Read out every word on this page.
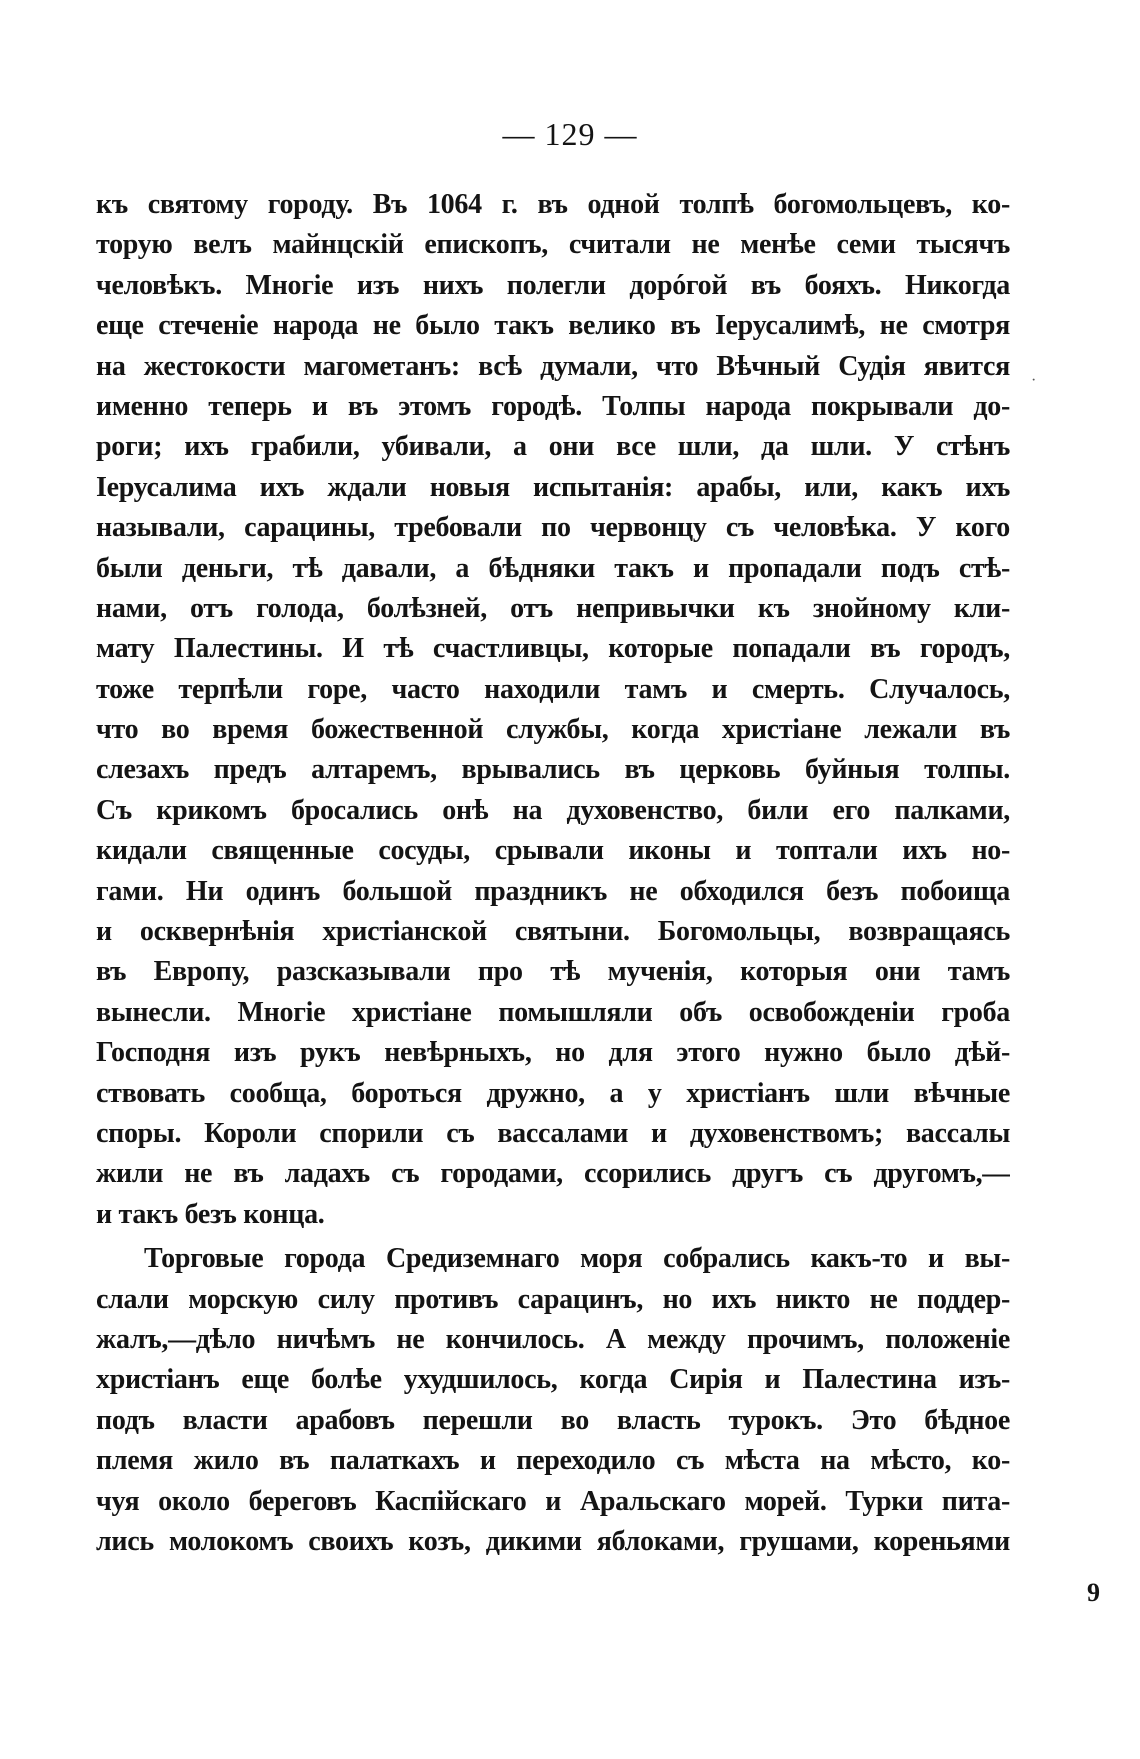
— 129 —
·
къ святому городу. Въ 1064 г. въ одной толпѣ богомольцевъ, ко-
торую велъ майнцскій епископъ, считали не менѣе семи тысячъ
человѣкъ. Многіе изъ нихъ полегли дорóгой въ бояхъ. Никогда
еще стеченіе народа не было такъ велико въ Іерусалимѣ, не смотря
на жестокости магометанъ: всѣ думали, что Вѣчный Судія явится
именно теперь и въ этомъ городѣ. Толпы народа покрывали до-
роги; ихъ грабили, убивали, а они все шли, да шли. У стѣнъ
Іерусалима ихъ ждали новыя испытанія: арабы, или, какъ ихъ
называли, сарацины, требовали по червонцу съ человѣка. У кого
были деньги, тѣ давали, а бѣдняки такъ и пропадали подъ стѣ-
нами, отъ голода, болѣзней, отъ непривычки къ знойному кли-
мату Палестины. И тѣ счастливцы, которые попадали въ городъ,
тоже терпѣли горе, часто находили тамъ и смерть. Случалось,
что во время божественной службы, когда христіане лежали въ
слезахъ предъ алтаремъ, врывались въ церковь буйныя толпы.
Съ крикомъ бросались онѣ на духовенство, били его палками,
кидали священные сосуды, срывали иконы и топтали ихъ но-
гами. Ни одинъ большой праздникъ не обходился безъ побоища
и осквернѣнія христіанской святыни. Богомольцы, возвращаясь
въ Европу, разсказывали про тѣ мученія, которыя они тамъ
вынесли. Многіе христіане помышляли объ освобожденіи гроба
Господня изъ рукъ невѣрныхъ, но для этого нужно было дѣй-
ствовать сообща, бороться дружно, а у христіанъ шли вѣчные
споры. Короли спорили съ вассалами и духовенствомъ; вассалы
жили не въ ладахъ съ городами, ссорились другъ съ другомъ,—
и такъ безъ конца.
Торговые города Средиземнаго моря собрались какъ-то и вы-
слали морскую силу противъ сарацинъ, но ихъ никто не поддер-
жалъ,—дѣло ничѣмъ не кончилось. А между прочимъ, положеніе
христіанъ еще болѣе ухудшилось, когда Сирія и Палестина изъ-
подъ власти арабовъ перешли во власть турокъ. Это бѣдное
племя жило въ палаткахъ и переходило съ мѣста на мѣсто, ко-
чуя около береговъ Каспійскаго и Аральскаго морей. Турки пита-
лись молокомъ своихъ козъ, дикими яблоками, грушами, кореньями
9
